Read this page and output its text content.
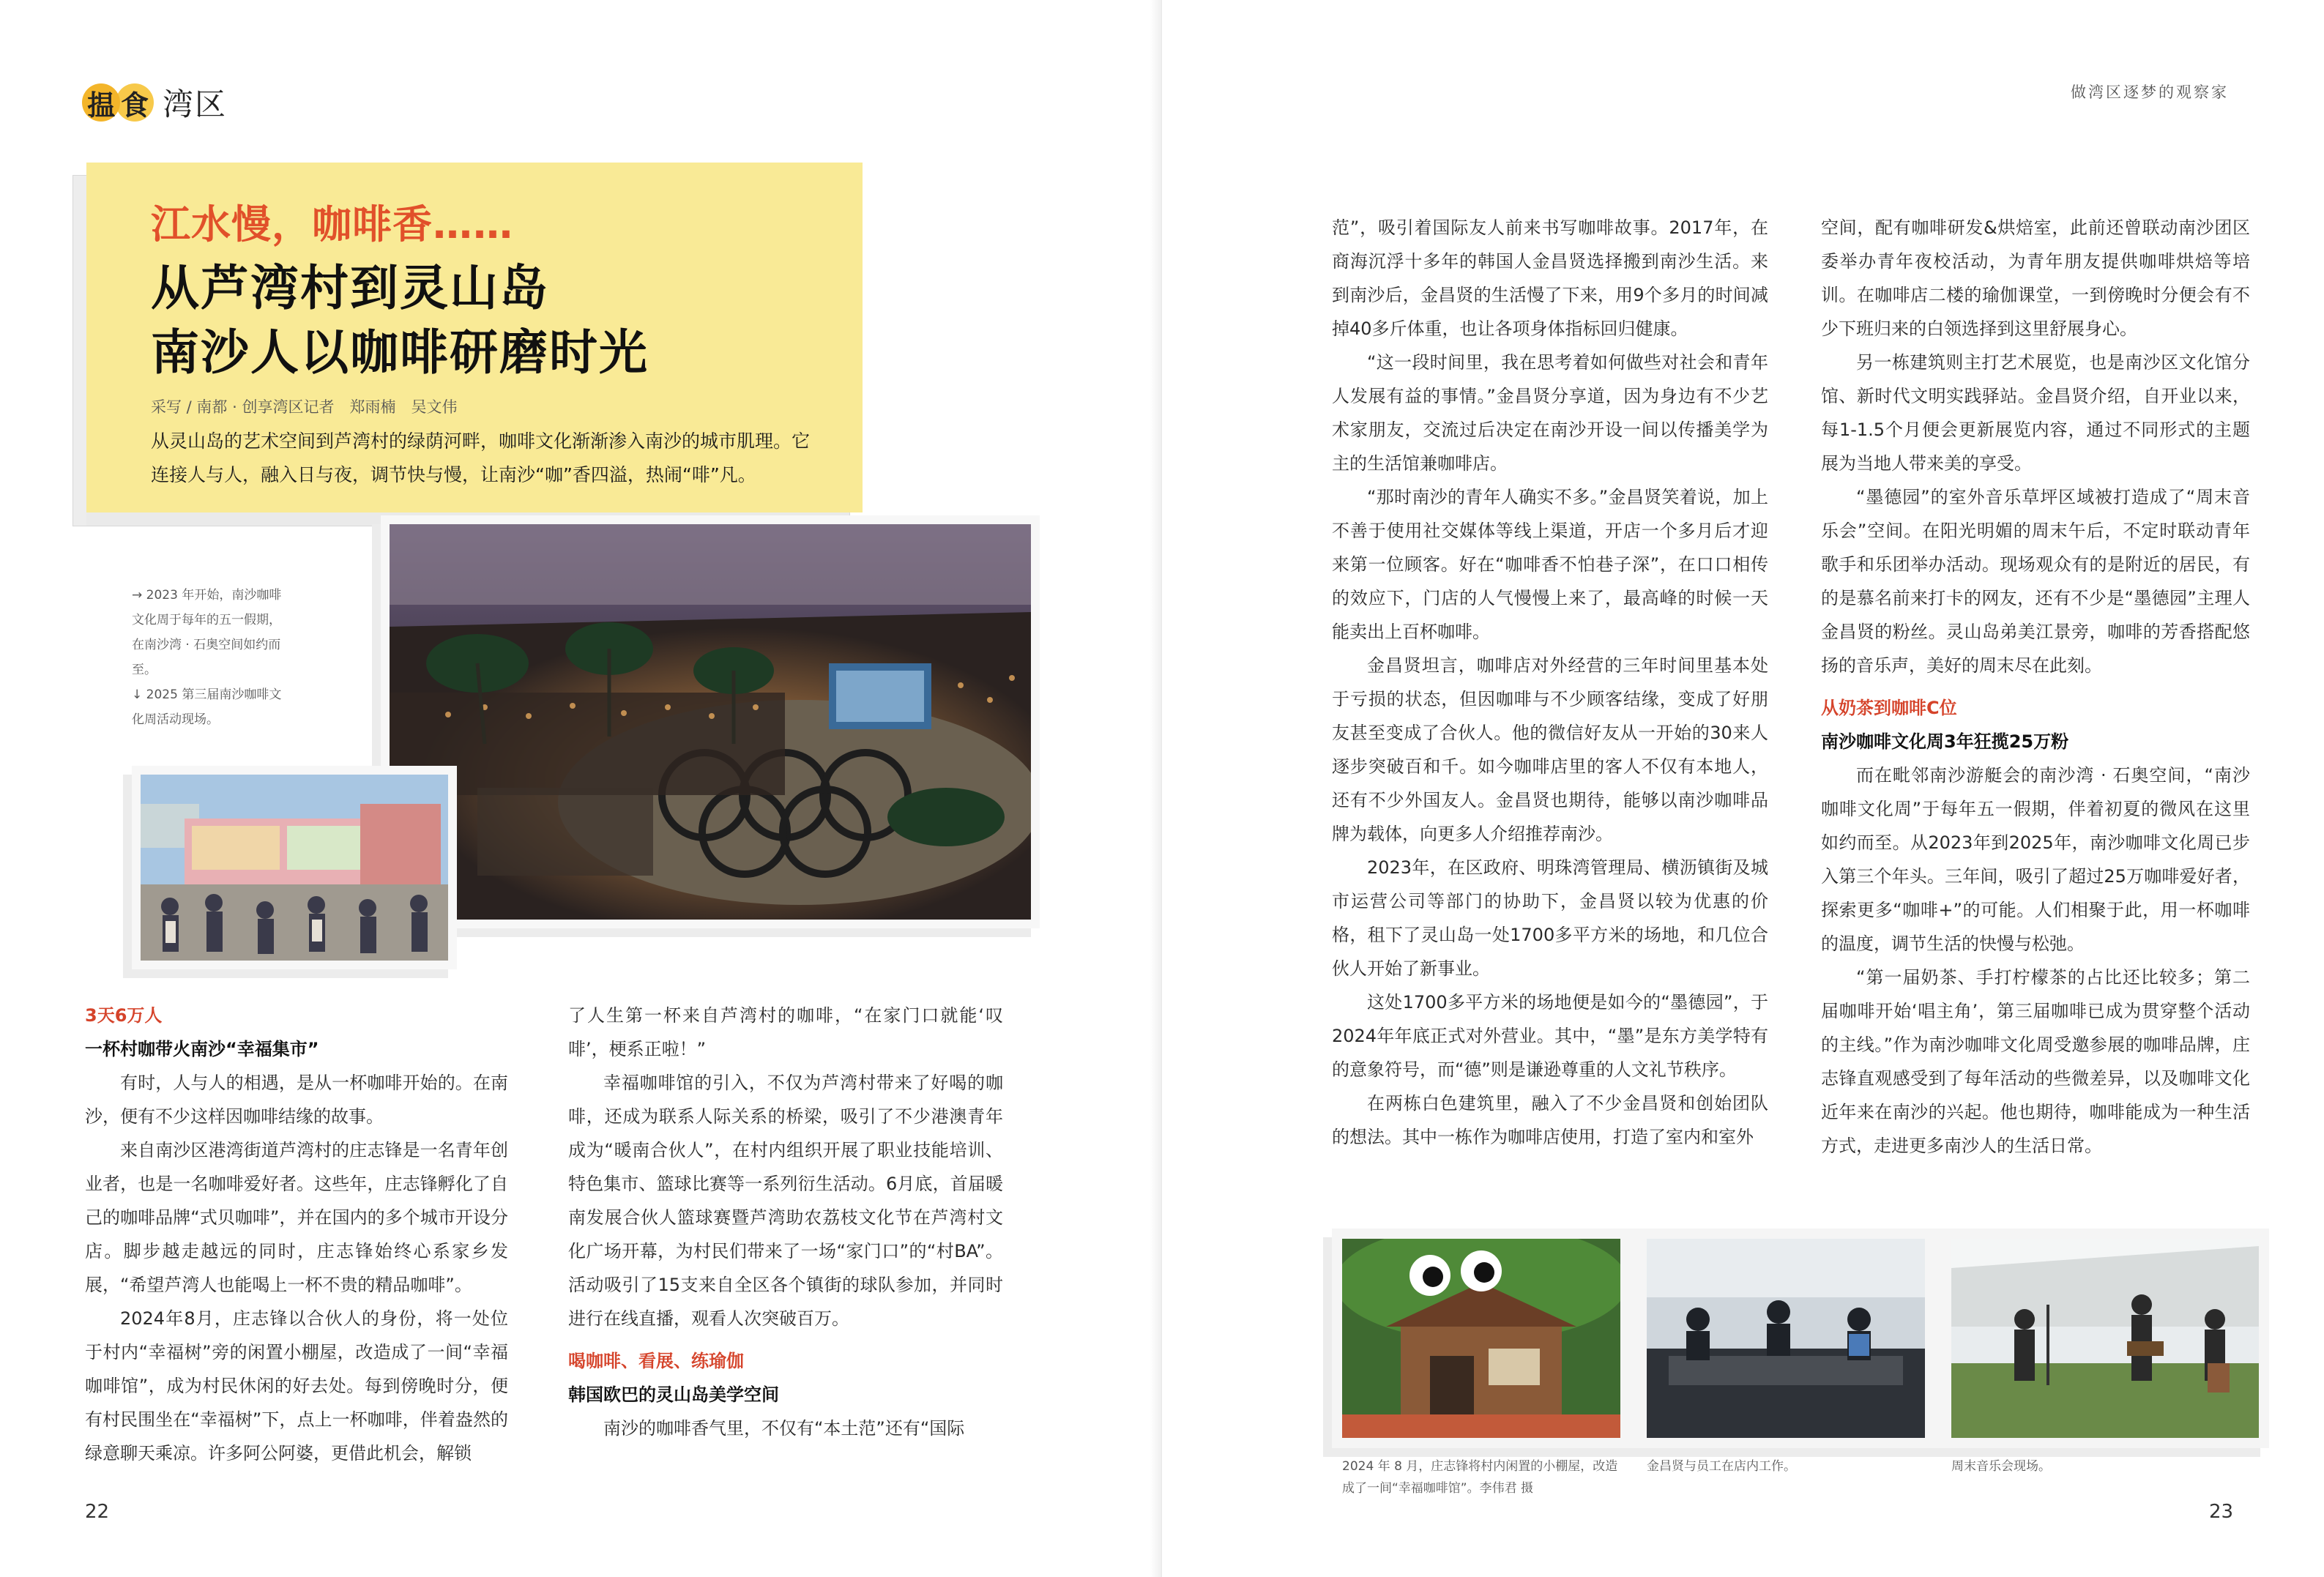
揾 食 湾区
江水慢，咖啡香……
从芦湾村到灵山岛
南沙人以咖啡研磨时光
采写 / 南都 · 创享湾区记者　郑雨楠　吴文伟
从灵山岛的艺术空间到芦湾村的绿荫河畔，咖啡文化渐渐渗入南沙的城市肌理。它连接人与人，融入日与夜，调节快与慢，让南沙“咖”香四溢，热闹“啡”凡。
→ 2023 年开始，南沙咖啡文化周于每年的五一假期，在南沙湾 · 石奥空间如约而至。
↓ 2025 第三届南沙咖啡文化周活动现场。
3天6万人
一杯村咖带火南沙“幸福集市”

有时，人与人的相遇，是从一杯咖啡开始的。在南沙，便有不少这样因咖啡结缘的故事。

来自南沙区港湾街道芦湾村的庄志锋是一名青年创业者，也是一名咖啡爱好者。这些年，庄志锋孵化了自己的咖啡品牌“式贝咖啡”，并在国内的多个城市开设分店。脚步越走越远的同时，庄志锋始终心系家乡发展，“希望芦湾人也能喝上一杯不贵的精品咖啡”。

2024年8月，庄志锋以合伙人的身份，将一处位于村内“幸福树”旁的闲置小棚屋，改造成了一间“幸福咖啡馆”，成为村民休闲的好去处。每到傍晚时分，便有村民围坐在“幸福树”下，点上一杯咖啡，伴着盎然的绿意聊天乘凉。许多阿公阿婆，更借此机会，解锁

了人生第一杯来自芦湾村的咖啡，“在家门口就能‘叹啡’，梗系正啦！”

幸福咖啡馆的引入，不仅为芦湾村带来了好喝的咖啡，还成为联系人际关系的桥梁，吸引了不少港澳青年成为“暖南合伙人”，在村内组织开展了职业技能培训、特色集市、篮球比赛等一系列衍生活动。6月底，首届暖南发展合伙人篮球赛暨芦湾助农荔枝文化节在芦湾村文化广场开幕，为村民们带来了一场“家门口”的“村BA”。活动吸引了15支来自全区各个镇街的球队参加，并同时进行在线直播，观看人次突破百万。

喝咖啡、看展、练瑜伽
韩国欧巴的灵山岛美学空间

南沙的咖啡香气里，不仅有“本土范”还有“国际

22
做湾区逐梦的观察家

范”，吸引着国际友人前来书写咖啡故事。2017年，在商海沉浮十多年的韩国人金昌贤选择搬到南沙生活。来到南沙后，金昌贤的生活慢了下来，用9个多月的时间减掉40多斤体重，也让各项身体指标回归健康。

“这一段时间里，我在思考着如何做些对社会和青年人发展有益的事情。”金昌贤分享道，因为身边有不少艺术家朋友，交流过后决定在南沙开设一间以传播美学为主的生活馆兼咖啡店。

“那时南沙的青年人确实不多。”金昌贤笑着说，加上不善于使用社交媒体等线上渠道，开店一个多月后才迎来第一位顾客。好在“咖啡香不怕巷子深”，在口口相传的效应下，门店的人气慢慢上来了，最高峰的时候一天能卖出上百杯咖啡。

金昌贤坦言，咖啡店对外经营的三年时间里基本处于亏损的状态，但因咖啡与不少顾客结缘，变成了好朋友甚至变成了合伙人。他的微信好友从一开始的30来人逐步突破百和千。如今咖啡店里的客人不仅有本地人，还有不少外国友人。金昌贤也期待，能够以南沙咖啡品牌为载体，向更多人介绍推荐南沙。

2023年，在区政府、明珠湾管理局、横沥镇街及城市运营公司等部门的协助下，金昌贤以较为优惠的价格，租下了灵山岛一处1700多平方米的场地，和几位合伙人开始了新事业。

这处1700多平方米的场地便是如今的“墨德园”，于2024年年底正式对外营业。其中，“墨”是东方美学特有的意象符号，而“德”则是谦逊尊重的人文礼节秩序。

在两栋白色建筑里，融入了不少金昌贤和创始团队的想法。其中一栋作为咖啡店使用，打造了室内和室外

空间，配有咖啡研发&烘焙室，此前还曾联动南沙团区委举办青年夜校活动，为青年朋友提供咖啡烘焙等培训。在咖啡店二楼的瑜伽课堂，一到傍晚时分便会有不少下班归来的白领选择到这里舒展身心。

另一栋建筑则主打艺术展览，也是南沙区文化馆分馆、新时代文明实践驿站。金昌贤介绍，自开业以来，每1-1.5个月便会更新展览内容，通过不同形式的主题展为当地人带来美的享受。

“墨德园”的室外音乐草坪区域被打造成了“周末音乐会”空间。在阳光明媚的周末午后，不定时联动青年歌手和乐团举办活动。现场观众有的是附近的居民，有的是慕名前来打卡的网友，还有不少是“墨德园”主理人金昌贤的粉丝。灵山岛弟美江景旁，咖啡的芳香搭配悠扬的音乐声，美好的周末尽在此刻。

从奶茶到咖啡C位
南沙咖啡文化周3年狂揽25万粉

而在毗邻南沙游艇会的南沙湾 · 石奥空间，“南沙咖啡文化周”于每年五一假期，伴着初夏的微风在这里如约而至。从2023年到2025年，南沙咖啡文化周已步入第三个年头。三年间，吸引了超过25万咖啡爱好者，探索更多“咖啡+”的可能。人们相聚于此，用一杯咖啡的温度，调节生活的快慢与松弛。

“第一届奶茶、手打柠檬茶的占比还比较多；第二届咖啡开始‘唱主角’，第三届咖啡已成为贯穿整个活动的主线。”作为南沙咖啡文化周受邀参展的咖啡品牌，庄志锋直观感受到了每年活动的些微差异，以及咖啡文化近年来在南沙的兴起。他也期待，咖啡能成为一种生活方式，走进更多南沙人的生活日常。

2024 年 8 月，庄志锋将村内闲置的小棚屋，改造成了一间“幸福咖啡馆”。李伟君 摄
金昌贤与员工在店内工作。	周末音乐会现场。
23
